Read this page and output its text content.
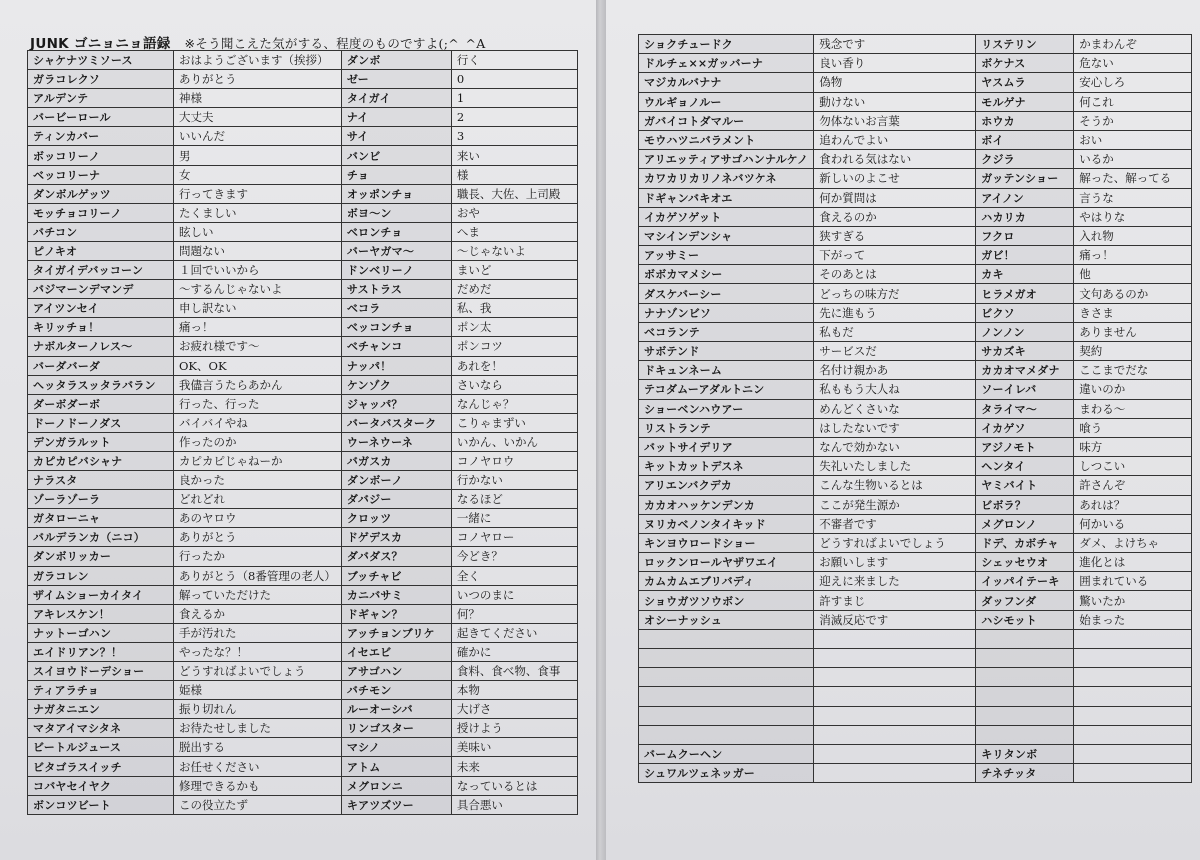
JUNK ゴニョニョ語録 ※そう聞こえた気がする、程度のものですよ(;^_^A
シャケナツミソース	おはようございます（挨拶）	ダンボ	行く
ガラコレクソ	ありがとう	ゼー	0
アルデンテ	神様	タイガイ	1
バービーロール	大丈夫	ナイ	2
ティンカバー	いいんだ	サイ	3
ボッコリーノ	男	バンビ	来い
ベッコリーナ	女	チョ	様
ダンボルゲッツ	行ってきます	オッポンチョ	職長、大佐、上司殿
モッチョコリーノ	たくましい	ボヨ～ン	おや
バチコン	眩しい	ベロンチョ	へま
ピノキオ	問題ない	バーヤガマ～	～じゃないよ
タイガイデバッコーン	１回でいいから	ドンベリーノ	まいど
バジマーンデマンデ	～するんじゃないよ	サストラス	だめだ
アイツンセイ	申し訳ない	ベコラ	私、我
キリッチョ！	痛っ！	ベッコンチョ	ポン太
ナボルターノレス～	お疲れ様です～	ベチャンコ	ポンコツ
バーダバーダ	OK、OK	ナッパ！	あれを！
ヘッタラスッタラバラン	我儘言うたらあかん	ケンゾク	さいなら
ダーボダーボ	行った、行った	ジャッパ？	なんじゃ？
ドーノドーノダス	バイバイやね	バータバスターク	こりゃまずい
デンガラルット	作ったのか	ウーネウーネ	いかん、いかん
カピカピバシャナ	カピカピじゃねーか	バガスカ	コノヤロウ
ナラスタ	良かった	ダンボーノ	行かない
ゾーラゾーラ	どれどれ	ダバジー	なるほど
ガタローニャ	あのヤロウ	クロッツ	一緒に
バルデランカ（ニコ）	ありがとう	ドゲデスカ	コノヤロー
ダンボリッカー	行ったか	ダバダス？	今どき？
ガラコレン	ありがとう（8番管理の老人）	ブッチャビ	全く
ザイムショーカイタイ	解っていただけた	カニバサミ	いつのまに
アキレスケン！	食えるか	ドギャン？	何？
ナットーゴハン	手が汚れた	アッチョンブリケ	起きてください
エイドリアン？！	やったな？！	イセエビ	確かに
スイヨウドーデショー	どうすればよいでしょう	アサゴハン	食料、食べ物、食事
ティアラチョ	姫様	バチモン	本物
ナガタニエン	振り切れん	ルーオーシバ	大げさ
マタアイマシタネ	お待たせしました	リンゴスター	授けよう
ビートルジュース	脱出する	マシノ	美味い
ビタゴラスイッチ	お任せください	アトム	未来
コバヤセイヤク	修理できるかも	メグロンニ	なっているとは
ボンコツビート	この役立たず	キアツズツー	具合悪い
ショクチュードク	残念です	リステリン	かまわんぞ
ドルチェ××ガッバーナ	良い香り	ボケナス	危ない
マジカルバナナ	偽物	ヤスムラ	安心しろ
ウルギョノルー	動けない	モルゲナ	何これ
ガバイコトダマルー	勿体ないお言葉	ホウカ	そうか
モウハツニバラメント	追わんでよい	ボイ	おい
アリエッティアサゴハンナルケノ	食われる気はない	クジラ	いるか
カワカリカリノネバツケネ	新しいのよこせ	ガッテンショー	解った、解ってる
ドギャンバキオエ	何か質問は	アイノン	言うな
イカゲソゲット	食えるのか	ハカリカ	やはりな
マシインデンシャ	狭すぎる	フクロ	入れ物
アッサミー	下がって	ガビ！	痛っ！
ボボカマメシー	そのあとは	カキ	他
ダスケバーシー	どっちの味方だ	ヒラメガオ	文句あるのか
ナナゾンビソ	先に進もう	ビクソ	きさま
ベコランテ	私もだ	ノンノン	ありません
サボテンド	サービスだ	サカズキ	契約
ドキュンネーム	名付け親かあ	カカオマメダナ	ここまでだな
テコダムーアダルトニン	私ももう大人ね	ソーイレバ	違いのか
ショーベンハウアー	めんどくさいな	タライマ～	まわる～
リストランテ	はしたないです	イカゲソ	喰う
バットサイデリア	なんで効かない	アジノモト	味方
キットカットデスネ	失礼いたしました	ヘンタイ	しつこい
アリエンバクデカ	こんな生物いるとは	ヤミバイト	許さんぞ
カカオハッケンデンカ	ここが発生源か	ビボラ？	あれは？
ヌリカベノンタイキッド	不審者です	メグロンノ	何かいる
キンヨウロードショー	どうすればよいでしょう	ドデ、カボチャ	ダメ、よけちゃ
ロックンロールヤザワエイ	お願いします	シェッセウオ	進化とは
カムカムエブリバディ	迎えに来ました	イッパイテーキ	囲まれている
ショウガツソウボン	許すまじ	ダッフンダ	驚いたか
オシーナッシュ	消滅反応です	ハシモット	始まった

バームクーヘン		キリタンボ	
シュワルツェネッガー		チネチッタ	
